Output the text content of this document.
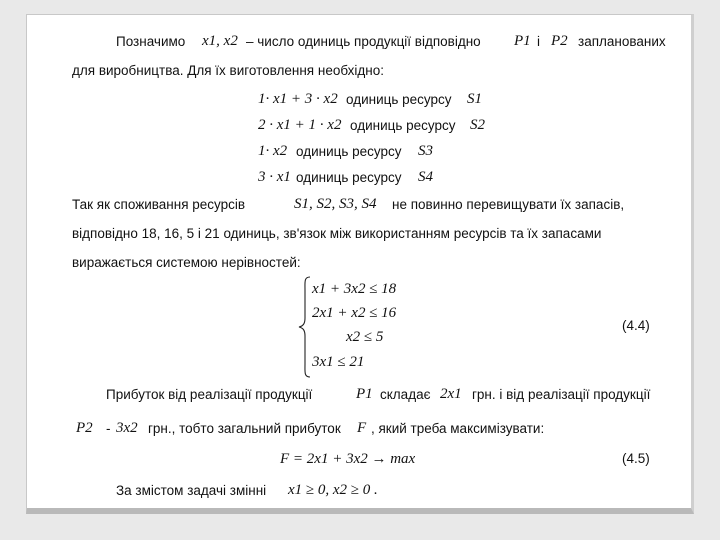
Позначимо x1, x2 – число одиниць продукції відповідно P1 і P2 запланованих
для виробництва. Для їх виготовлення необхідно:
1· x1 + 3 · x2 одиниць ресурсу S1
2 · x1 + 1 · x2 одиниць ресурсу S2
1· x2 одиниць ресурсу S3
3 · x1 одиниць ресурсу S4
Так як споживання ресурсів	S1, S2, S3, S4 не повинно перевищувати їх запасів,
відповідно 18, 16, 5 і 21 одиниць, зв'язок між використанням ресурсів та їх запасами
виражається системою нерівностей:
x1 + 3x2 ≤ 18
2x1 + x2 ≤ 16
x2 ≤ 5
3x1 ≤ 21
(4.4)
Прибуток від реалізації продукції	P1 складає 2x1 грн. і від реалізації продукції
P2 - 3x2 грн., тобто загальний прибуток F , який треба максимізувати:
F = 2x1 + 3x2 → max	(4.5)
За змістом задачі змінні x1 ≥ 0, x2 ≥ 0 .
